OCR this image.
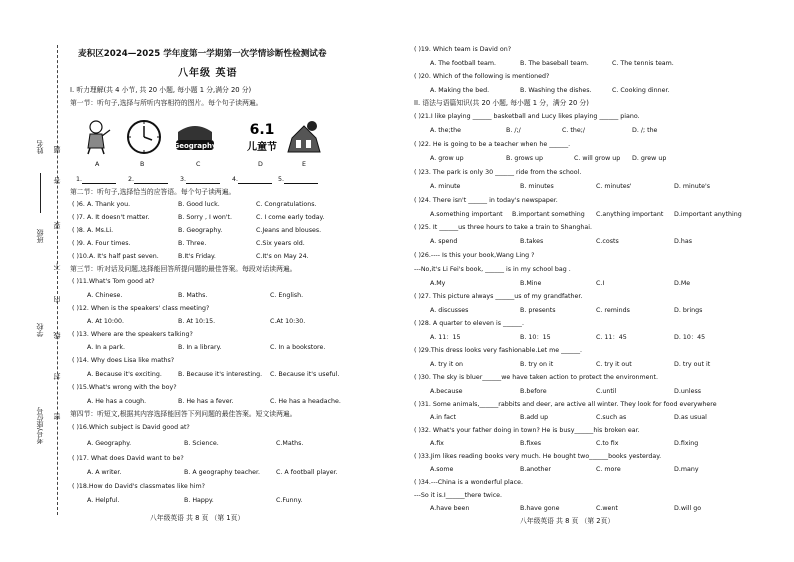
姓名 题
答
班级
要
不
学校
内
线
封
考号/座位号 密
麦积区2024—2025 学年度第一学期第一次学情诊断性检测试卷
八年级 英语
I. 听力理解(共 4 小节, 共 20 小题, 每小题 1 分,满分 20 分)
第一节：听句子,选择与所听内容相符的图片。每个句子读两遍。
Geography
6.1
儿童节
A	B	C	D	E
1.	2.	3.	4.	5.
第二节：听句子,选择恰当的应答语。每个句子读两遍。
( )6. A. Thank you.	B. Good luck.	C. Congratulations.
( )7. A. It doesn't matter.	B. Sorry , I won't.	C. I come early today.
( )8. A. Ms.Li.	B. Geography.	C.Jeans and blouses.
( )9. A. Four times.	B. Three.	C.Six years old.
( )10. A. It's half past seven.	B.It's Friday.	C.It's on May 24.
第三节：听对话及问题,选择能回答所提问题的最佳答案。每段对话读两遍。
( )11.What's Tom good at?
A. Chinese.	B. Maths.	C. English.
( )12. When is the speakers' class meeting?
A. At 10:00.	B. At 10:15.	C.At 10:30.
( )13. Where are the speakers talking?
A. In a park.	B. In a library.	C. In a bookstore.
( )14. Why does Lisa like maths?
A. Because it's exciting.	B. Because it's interesting. C. Because it's useful.
( )15.What's wrong with the boy?
A. He has a cough.	B. He has a fever.	C. He has a headache.
第四节：听短文,根据其内容选择能回答下列问题的最佳答案。短文读两遍。
( )16.Which subject is David good at?
A. Geography.	B. Science.	C.Maths.
( )17. What does David want to be?
A. A writer.	B. A geography teacher.	C. A football player.
( )18.How do David's classmates like him?
A. Helpful.	B. Happy.	C.Funny.
八年级英语 共 8 页 （第 1页）
( )19. Which team is David on?
A. The football team.	B. The baseball team.	C. The tennis team.
( )20. Which of the following is mentioned?
A. Making the bed.	B. Washing the dishes.	C. Cooking dinner.
II. 语法与语篇知识(共 20 小题, 每小题 1 分，满分 20 分)
( )21.I like playing ______ basketball and Lucy likes playing ______ piano.
A. the;the	B. /;/	C. the;/	D. /; the
( )22. He is going to be a teacher when he ______.
A. grow up	B. grows up	C. will grow up D. grew up
( )23. The park is only 30 ______ ride from the school.
A. minute	B. minutes	C. minutes'	D. minute's
( )24. There isn't ______ in today's newspaper.
A.something important B.important something C.anything important D.important anything
( )25. It ______us three hours to take a train to Shanghai.
A. spend	B.takes	C.costs	D.has
( )26.---- Is this your book,Wang Ling ?
---No,it's Li Fei's book, ______ is in my school bag .
A.My	B.Mine	C.I	D.Me
( )27. This picture always ______us of my grandfather.
A. discusses	B. presents	C. reminds	D. brings
( )28. A quarter to eleven is ______.
A. 11：15	B. 10：15	C. 11：45	D. 10：45
( )29.This dress looks very fashionable.Let me ______.
A. try it on	B. try on it	C. try it out	D. try out it
( )30. The sky is bluer______we have taken action to protect the environment.
A.because	B.before	C.until	D.unless
( )31. Some animals,______rabbits and deer, are active all winter. They look for food everywhere
A.in fact	B.add up	C.such as	D.as usual
( )32. What's your father doing in town? He is busy______his broken ear.
A.fix	B.fixes	C.to fix	D.fixing
( )33.Jim likes reading books very much. He bought two______books yesterday.
A.some	B.another	C. more	D.many
( )34.---China is a wonderful place.
---So it is.I______there twice.
A.have been	B.have gone	C.went	D.will go
八年级英语 共 8 页 （第 2页）
